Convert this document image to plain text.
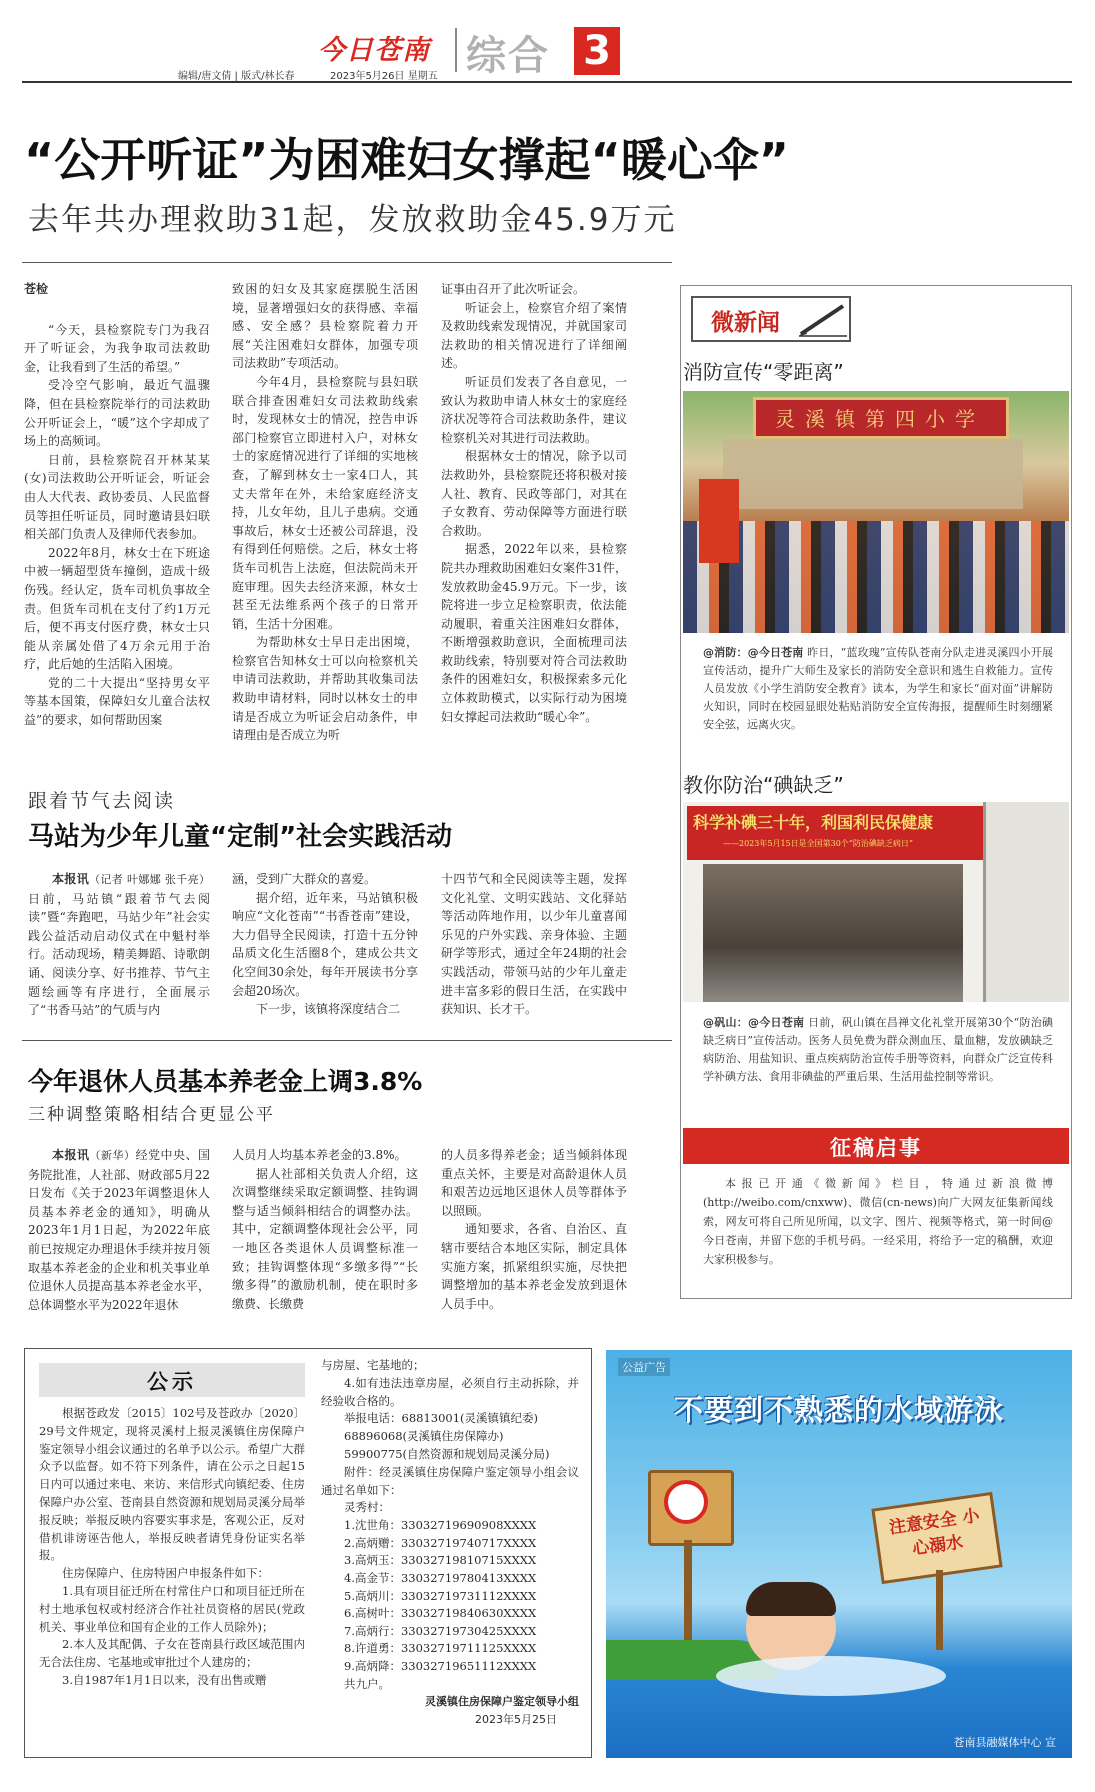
今日苍南 综合 3
编辑/唐文倩 | 版式/林长春	2023年5月26日 星期五
“公开听证”为困难妇女撑起“暖心伞”
去年共办理救助31起，发放救助金45.9万元

苍检

“今天，县检察院专门为我召开了听证会，为我争取司法救助金，让我看到了生活的希望。”

受冷空气影响，最近气温骤降，但在县检察院举行的司法救助公开听证会上，“暖”这个字却成了场上的高频词。

日前，县检察院召开林某某(女)司法救助公开听证会，听证会由人大代表、政协委员、人民监督员等担任听证员，同时邀请县妇联相关部门负责人及律师代表参加。

2022年8月，林女士在下班途中被一辆超型货车撞倒，造成十级伤残。经认定，货车司机负事故全责。但货车司机在支付了约1万元后，便不再支付医疗费，林女士只能从亲属处借了4万余元用于治疗，此后她的生活陷入困境。

党的二十大提出“坚持男女平等基本国策，保障妇女儿童合法权益”的要求，如何帮助因案

致困的妇女及其家庭摆脱生活困境，显著增强妇女的获得感、幸福感、安全感？县检察院着力开展“关注困难妇女群体，加强专项司法救助”专项活动。

今年4月，县检察院与县妇联联合排查困难妇女司法救助线索时，发现林女士的情况，控告申诉部门检察官立即进村入户，对林女士的家庭情况进行了详细的实地核查，了解到林女士一家4口人，其丈夫常年在外，未给家庭经济支持，儿女年幼，且儿子患病。交通事故后，林女士还被公司辞退，没有得到任何赔偿。之后，林女士将货车司机告上法庭，但法院尚未开庭审理。因失去经济来源，林女士甚至无法维系两个孩子的日常开销，生活十分困难。

为帮助林女士早日走出困境，检察官告知林女士可以向检察机关申请司法救助，并帮助其收集司法救助申请材料，同时以林女士的申请是否成立为听证会启动条件，申请理由是否成立为听

证事由召开了此次听证会。

听证会上，检察官介绍了案情及救助线索发现情况，并就国家司法救助的相关情况进行了详细阐述。

听证员们发表了各自意见，一致认为救助申请人林女士的家庭经济状况等符合司法救助条件，建议检察机关对其进行司法救助。

根据林女士的情况，除予以司法救助外，县检察院还将积极对接人社、教育、民政等部门，对其在子女教育、劳动保障等方面进行联合救助。

据悉，2022年以来，县检察院共办理救助困难妇女案件31件，发放救助金45.9万元。下一步，该院将进一步立足检察职责，依法能动履职，着重关注困难妇女群体，不断增强救助意识，全面梳理司法救助线索，特别要对符合司法救助条件的困难妇女，积极探索多元化立体救助模式，以实际行动为困境妇女撑起司法救助“暖心伞”。

跟着节气去阅读
马站为少年儿童“定制”社会实践活动

本报讯（记者 叶娜娜 张千亮）日前，马站镇“跟着节气去阅读”暨“奔跑吧，马站少年”社会实践公益活动启动仪式在中魁村举行。活动现场，精美舞蹈、诗歌朗诵、阅读分享、好书推荐、节气主题绘画等有序进行，全面展示了“书香马站”的气质与内

涵，受到广大群众的喜爱。

据介绍，近年来，马站镇积极响应“文化苍南”“书香苍南”建设，大力倡导全民阅读，打造十五分钟品质文化生活圈8个，建成公共文化空间30余处，每年开展读书分享会超20场次。

下一步，该镇将深度结合二

十四节气和全民阅读等主题，发挥文化礼堂、文明实践站、文化驿站等活动阵地作用，以少年儿童喜闻乐见的户外实践、亲身体验、主题研学等形式，通过全年24期的社会实践活动，带领马站的少年儿童走进丰富多彩的假日生活，在实践中获知识、长才干。

今年退休人员基本养老金上调3.8%
三种调整策略相结合更显公平

本报讯（新华）经党中央、国务院批准，人社部、财政部5月22日发布《关于2023年调整退休人员基本养老金的通知》，明确从2023年1月1日起，为2022年底前已按规定办理退休手续并按月领取基本养老金的企业和机关事业单位退休人员提高基本养老金水平，总体调整水平为2022年退休

人员月人均基本养老金的3.8%。

据人社部相关负责人介绍，这次调整继续采取定额调整、挂钩调整与适当倾斜相结合的调整办法。其中，定额调整体现社会公平，同一地区各类退休人员调整标准一致；挂钩调整体现“多缴多得”“长缴多得”的激励机制，使在职时多缴费、长缴费

的人员多得养老金；适当倾斜体现重点关怀，主要是对高龄退休人员和艰苦边远地区退休人员等群体予以照顾。

通知要求，各省、自治区、直辖市要结合本地区实际，制定具体实施方案，抓紧组织实施，尽快把调整增加的基本养老金发放到退休人员手中。

微新闻
消防宣传“零距离”
灵溪镇第四小学
@消防：@今日苍南 昨日，“蓝玫瑰”宣传队苍南分队走进灵溪四小开展宣传活动，提升广大师生及家长的消防安全意识和逃生自救能力。宣传人员发放《小学生消防安全教育》读本，为学生和家长“面对面”讲解防火知识，同时在校园显眼处粘贴消防安全宣传海报，提醒师生时刻绷紧安全弦，远离火灾。
教你防治“碘缺乏”
科学补碘三十年，利国利民保健康
——2023年5月15日是全国第30个“防治碘缺乏病日”
@矾山：@今日苍南 日前，矾山镇在昌禅文化礼堂开展第30个“防治碘缺乏病日”宣传活动。医务人员免费为群众测血压、量血糖，发放碘缺乏病防治、用盐知识、重点疾病防治宣传手册等资料，向群众广泛宣传科学补碘方法、食用非碘盐的严重后果、生活用盐控制等常识。
征稿启事
本报已开通《微新闻》栏目，特通过新浪微博(http://weibo.com/cnxww)、微信(cn-news)向广大网友征集新闻线索，网友可将自己所见所闻，以文字、图片、视频等格式，第一时间@今日苍南，并留下您的手机号码。一经采用，将给予一定的稿酬，欢迎大家积极参与。
公示

根据苍政发〔2015〕102号及苍政办〔2020〕29号文件规定，现将灵溪村上报灵溪镇住房保障户鉴定领导小组会议通过的名单予以公示。希望广大群众予以监督。如不符下列条件，请在公示之日起15日内可以通过来电、来访、来信形式向镇纪委、住房保障户办公室、苍南县自然资源和规划局灵溪分局举报反映；举报反映内容要实事求是，客观公正，反对借机诽谤诬告他人，举报反映者请凭身份证实名举报。

住房保障户、住房特困户申报条件如下：

1.具有项目征迁所在村常住户口和项目征迁所在村土地承包权或村经济合作社社员资格的居民(党政机关、事业单位和国有企业的工作人员除外)；

2.本人及其配偶、子女在苍南县行政区域范围内无合法住房、宅基地或审批过个人建房的；

3.自1987年1月1日以来，没有出售或赠

与房屋、宅基地的；

4.如有违法违章房屋，必须自行主动拆除，并经验收合格的。

举报电话：68813001(灵溪镇镇纪委)

68896068(灵溪镇住房保障办)

59900775(自然资源和规划局灵溪分局)

附件：经灵溪镇住房保障户鉴定领导小组会议通过名单如下：

灵秀村：

1.沈世角：33032719690908XXXX

2.高炳赠：33032719740717XXXX

3.高炳玉：33032719810715XXXX

4.高金节：33032719780413XXXX

5.高炳川：33032719731112XXXX

6.高树叶：33032719840630XXXX

7.高炳行：33032719730425XXXX

8.许道勇：33032719711125XXXX

9.高炳降：33032719651112XXXX

共九户。

灵溪镇住房保障户鉴定领导小组

2023年5月25日

公益广告
不要到不熟悉的水域游泳
注意安全 小心溺水
苍南县融媒体中心 宣
